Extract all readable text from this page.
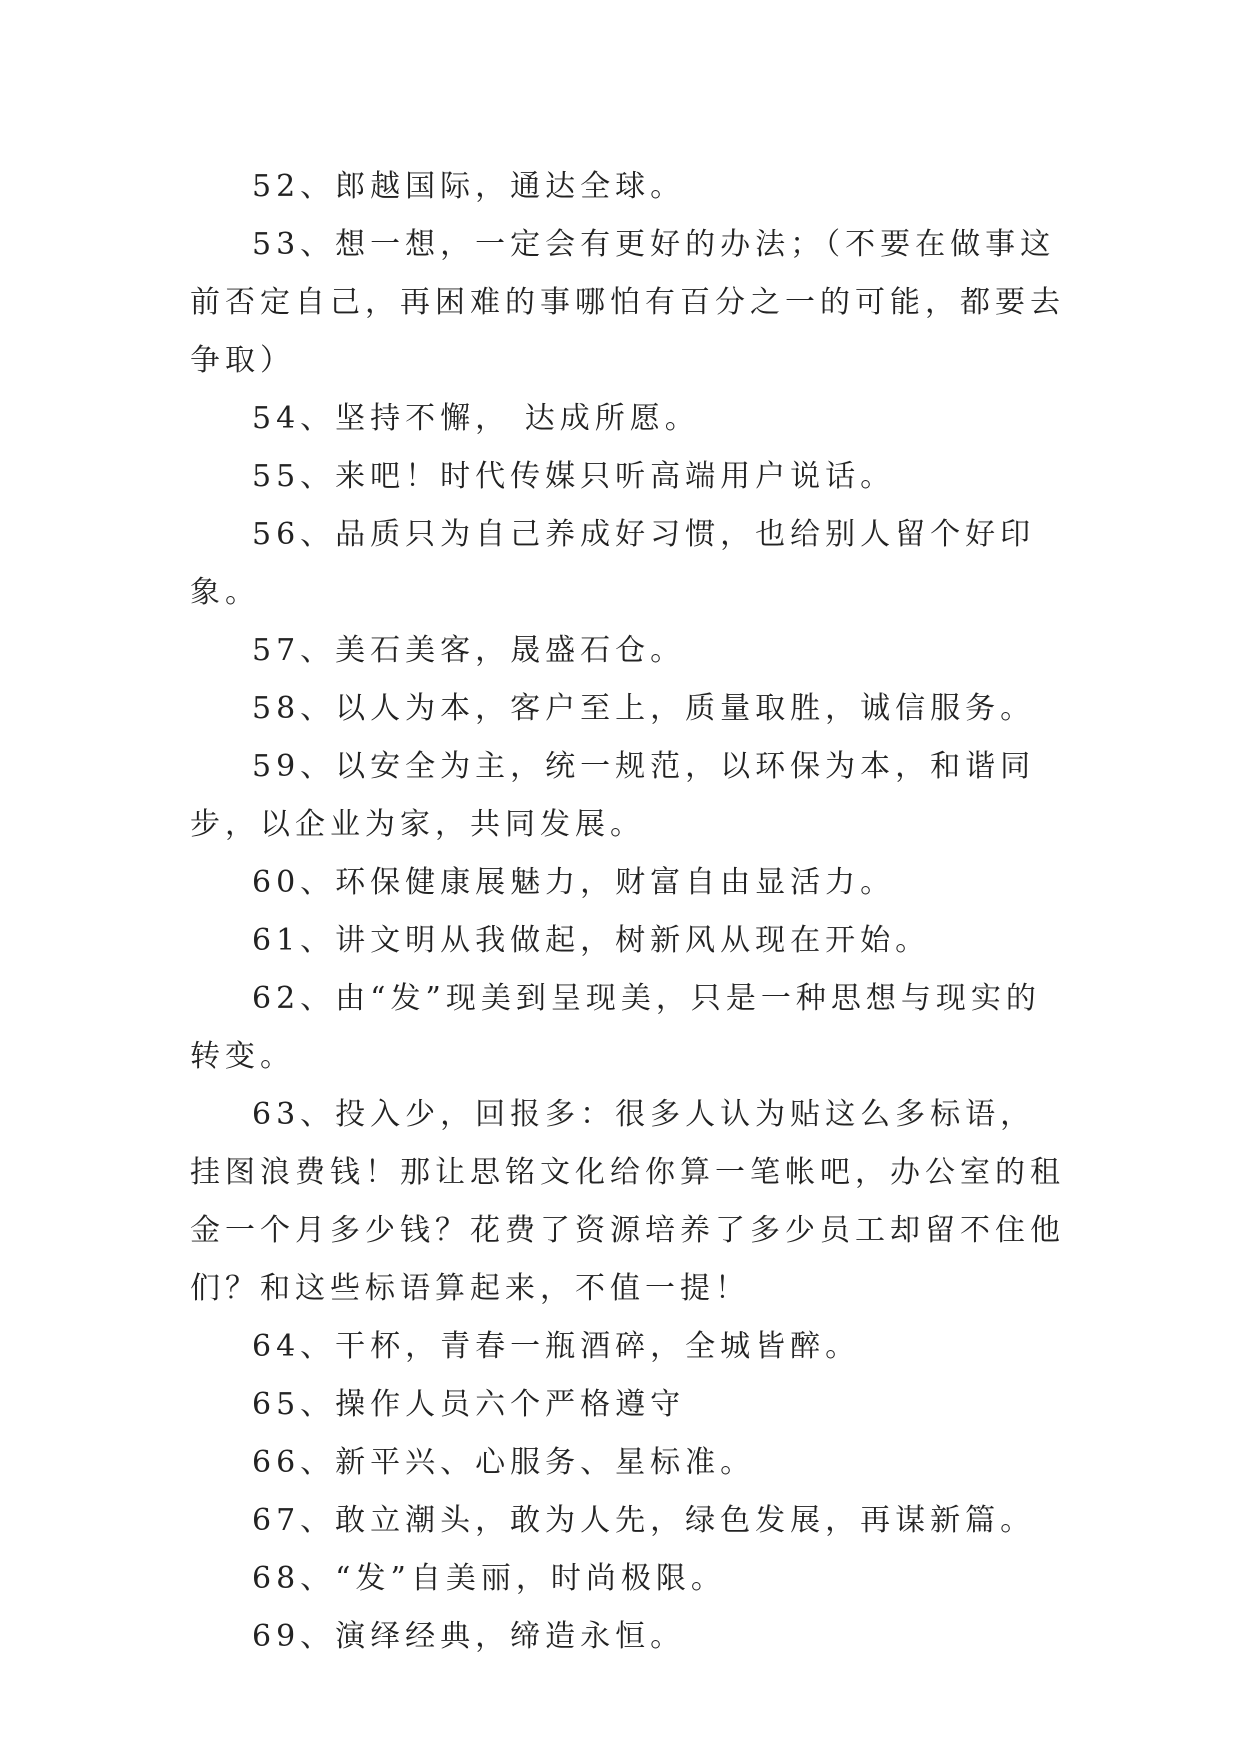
52、郎越国际，通达全球。

53、想一想，一定会有更好的办法；（不要在做事这前否定自己，再困难的事哪怕有百分之一的可能，都要去争取）

54、坚持不懈， 达成所愿。

55、来吧！时代传媒只听高端用户说话。

56、品质只为自己养成好习惯，也给别人留个好印象。

57、美石美客，晟盛石仓。

58、以人为本，客户至上，质量取胜，诚信服务。

59、以安全为主，统一规范，以环保为本，和谐同步，以企业为家，共同发展。

60、环保健康展魅力，财富自由显活力。

61、讲文明从我做起，树新风从现在开始。

62、由“发”现美到呈现美，只是一种思想与现实的转变。

63、投入少，回报多：很多人认为贴这么多标语，挂图浪费钱！那让思铭文化给你算一笔帐吧，办公室的租金一个月多少钱？花费了资源培养了多少员工却留不住他们？和这些标语算起来，不值一提！

64、干杯，青春一瓶酒碎，全城皆醉。

65、操作人员六个严格遵守

66、新平兴、心服务、星标准。

67、敢立潮头，敢为人先，绿色发展，再谋新篇。

68、“发”自美丽，时尚极限。

69、演绎经典，缔造永恒。
